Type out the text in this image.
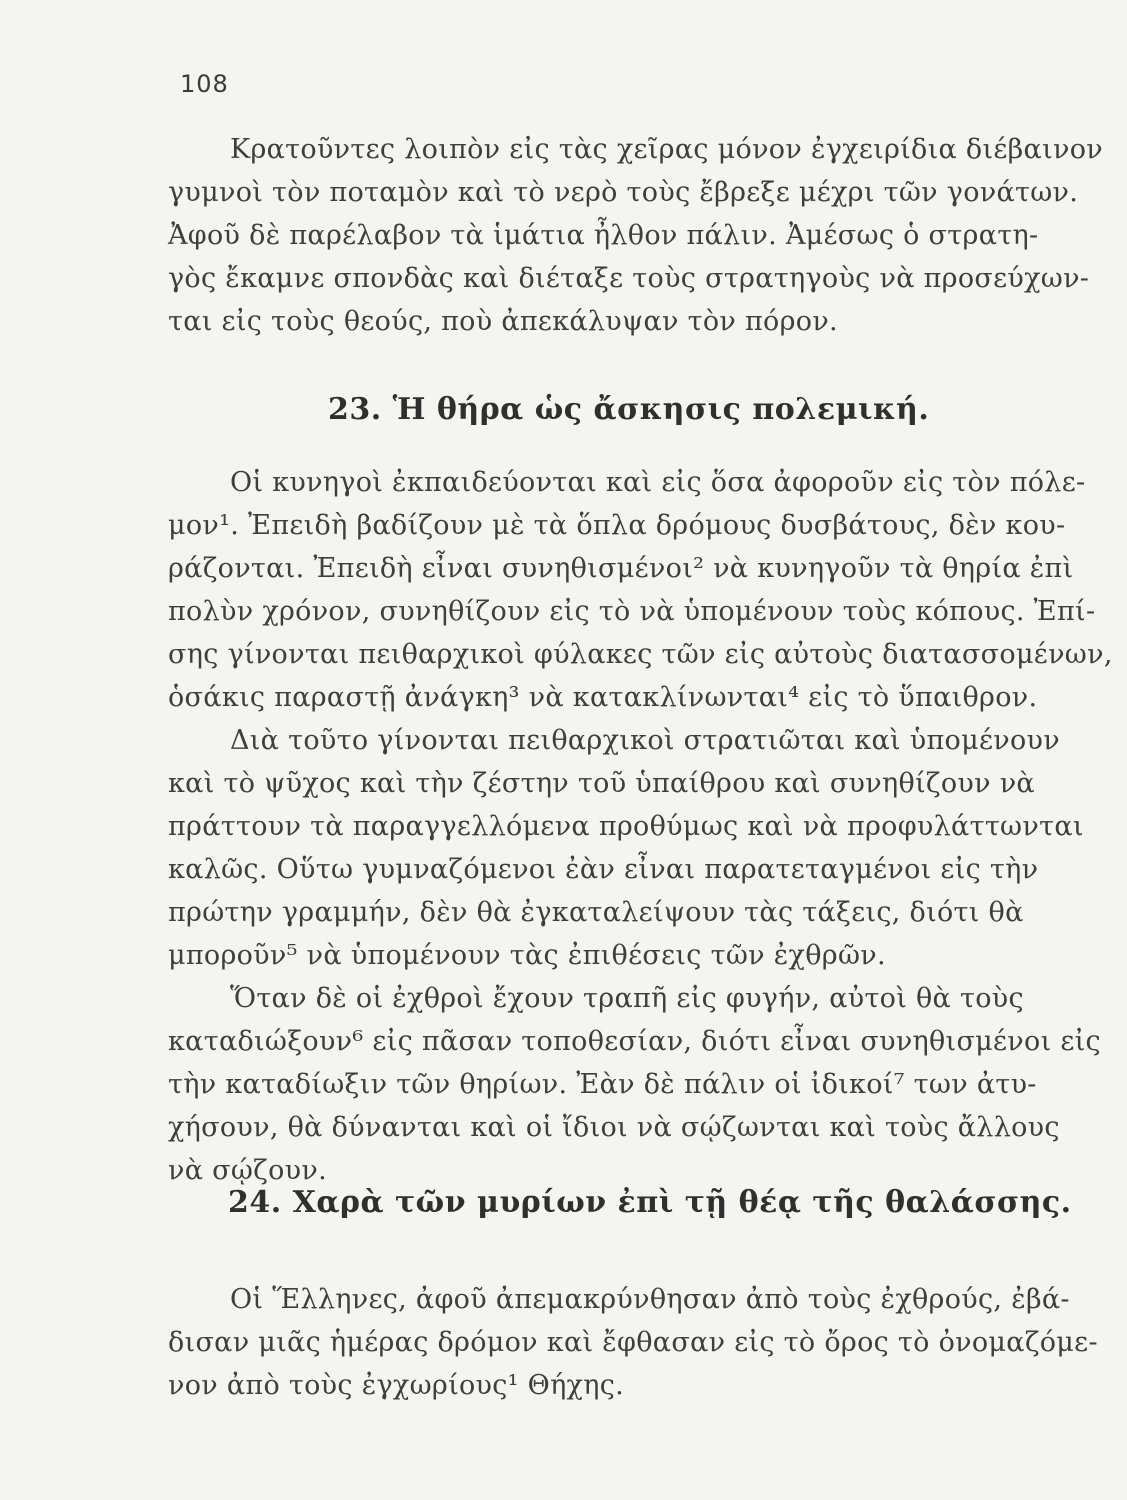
108
Κρατοῦντες λοιπὸν εἰς τὰς χεῖρας μόνον ἐγχειρίδια διέβαινον
γυμνοὶ τὸν ποταμὸν καὶ τὸ νερὸ τοὺς ἔβρεξε μέχρι τῶν γονάτων.
Ἀφοῦ δὲ παρέλαβον τὰ ἱμάτια ἦλθον πάλιν. Ἀμέσως ὁ στρατη-
γὸς ἔκαμνε σπονδὰς καὶ διέταξε τοὺς στρατηγοὺς νὰ προσεύχων-
ται εἰς τοὺς θεούς, ποὺ ἀπεκάλυψαν τὸν πόρον.
23. Ἡ θήρα ὡς ἄσκησις πολεμική.
Οἱ κυνηγοὶ ἐκπαιδεύονται καὶ εἰς ὅσα ἀφοροῦν εἰς τὸν πόλε-
μον¹. Ἐπειδὴ βαδίζουν μὲ τὰ ὅπλα δρόμους δυσβάτους, δὲν κου-
ράζονται. Ἐπειδὴ εἶναι συνηθισμένοι² νὰ κυνηγοῦν τὰ θηρία ἐπὶ
πολὺν χρόνον, συνηθίζουν εἰς τὸ νὰ ὑπομένουν τοὺς κόπους. Ἐπί-
σης γίνονται πειθαρχικοὶ φύλακες τῶν εἰς αὐτοὺς διατασσομένων,
ὁσάκις παραστῇ ἀνάγκη³ νὰ κατακλίνωνται⁴ εἰς τὸ ὕπαιθρον.
Διὰ τοῦτο γίνονται πειθαρχικοὶ στρατιῶται καὶ ὑπομένουν
καὶ τὸ ψῦχος καὶ τὴν ζέστην τοῦ ὑπαίθρου καὶ συνηθίζουν νὰ
πράττουν τὰ παραγγελλόμενα προθύμως καὶ νὰ προφυλάττωνται
καλῶς. Οὕτω γυμναζόμενοι ἐὰν εἶναι παρατεταγμένοι εἰς τὴν
πρώτην γραμμήν, δὲν θὰ ἐγκαταλείψουν τὰς τάξεις, διότι θὰ
μποροῦν⁵ νὰ ὑπομένουν τὰς ἐπιθέσεις τῶν ἐχθρῶν.
Ὅταν δὲ οἱ ἐχθροὶ ἔχουν τραπῆ εἰς φυγήν, αὐτοὶ θὰ τοὺς
καταδιώξουν⁶ εἰς πᾶσαν τοποθεσίαν, διότι εἶναι συνηθισμένοι εἰς
τὴν καταδίωξιν τῶν θηρίων. Ἐὰν δὲ πάλιν οἱ ἰδικοί⁷ των ἀτυ-
χήσουν, θὰ δύνανται καὶ οἱ ἴδιοι νὰ σῴζωνται καὶ τοὺς ἄλλους
νὰ σῴζουν.
24. Χαρὰ τῶν μυρίων ἐπὶ τῇ θέᾳ τῆς θαλάσσης.
Οἱ Ἕλληνες, ἀφοῦ ἀπεμακρύνθησαν ἀπὸ τοὺς ἐχθρούς, ἐβά-
δισαν μιᾶς ἡμέρας δρόμον καὶ ἔφθασαν εἰς τὸ ὄρος τὸ ὀνομαζόμε-
νον ἀπὸ τοὺς ἐγχωρίους¹ Θήχης.
